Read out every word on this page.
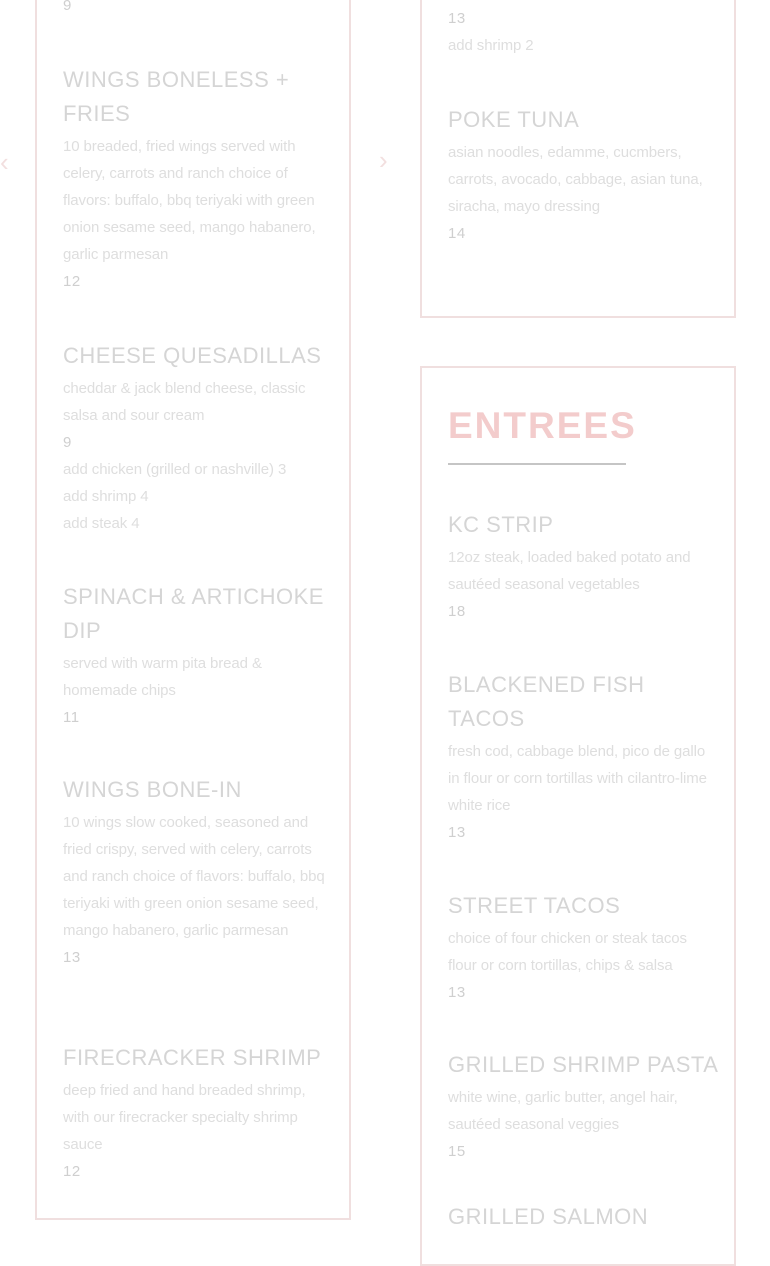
‹	›
9
WINGS BONELESS +
FRIES
10 breaded, fried wings served with celery, carrots and ranch choice of flavors: buffalo, bbq teriyaki with green onion sesame seed, mango habanero, garlic parmesan
12
CHEESE QUESADILLAS
cheddar & jack blend cheese, classic salsa and sour cream
9
add chicken (grilled or nashville) 3
add shrimp 4
add steak 4
SPINACH & ARTICHOKE
DIP
served with warm pita bread & homemade chips
11
WINGS BONE-IN
10 wings slow cooked, seasoned and fried crispy, served with celery, carrots and ranch choice of flavors: buffalo, bbq teriyaki with green onion sesame seed, mango habanero, garlic parmesan
13
FIRECRACKER SHRIMP
deep fried and hand breaded shrimp, with our firecracker specialty shrimp sauce
12
13
add shrimp 2
POKE TUNA
asian noodles, edamme, cucmbers, carrots, avocado, cabbage, asian tuna, siracha, mayo dressing
14
ENTREES
KC STRIP
12oz steak, loaded baked potato and sautéed seasonal vegetables
18
BLACKENED FISH
TACOS
fresh cod, cabbage blend, pico de gallo in flour or corn tortillas with cilantro-lime white rice
13
STREET TACOS
choice of four chicken or steak tacos flour or corn tortillas, chips & salsa
13
GRILLED SHRIMP PASTA
white wine, garlic butter, angel hair, sautéed seasonal veggies
15
GRILLED SALMON
